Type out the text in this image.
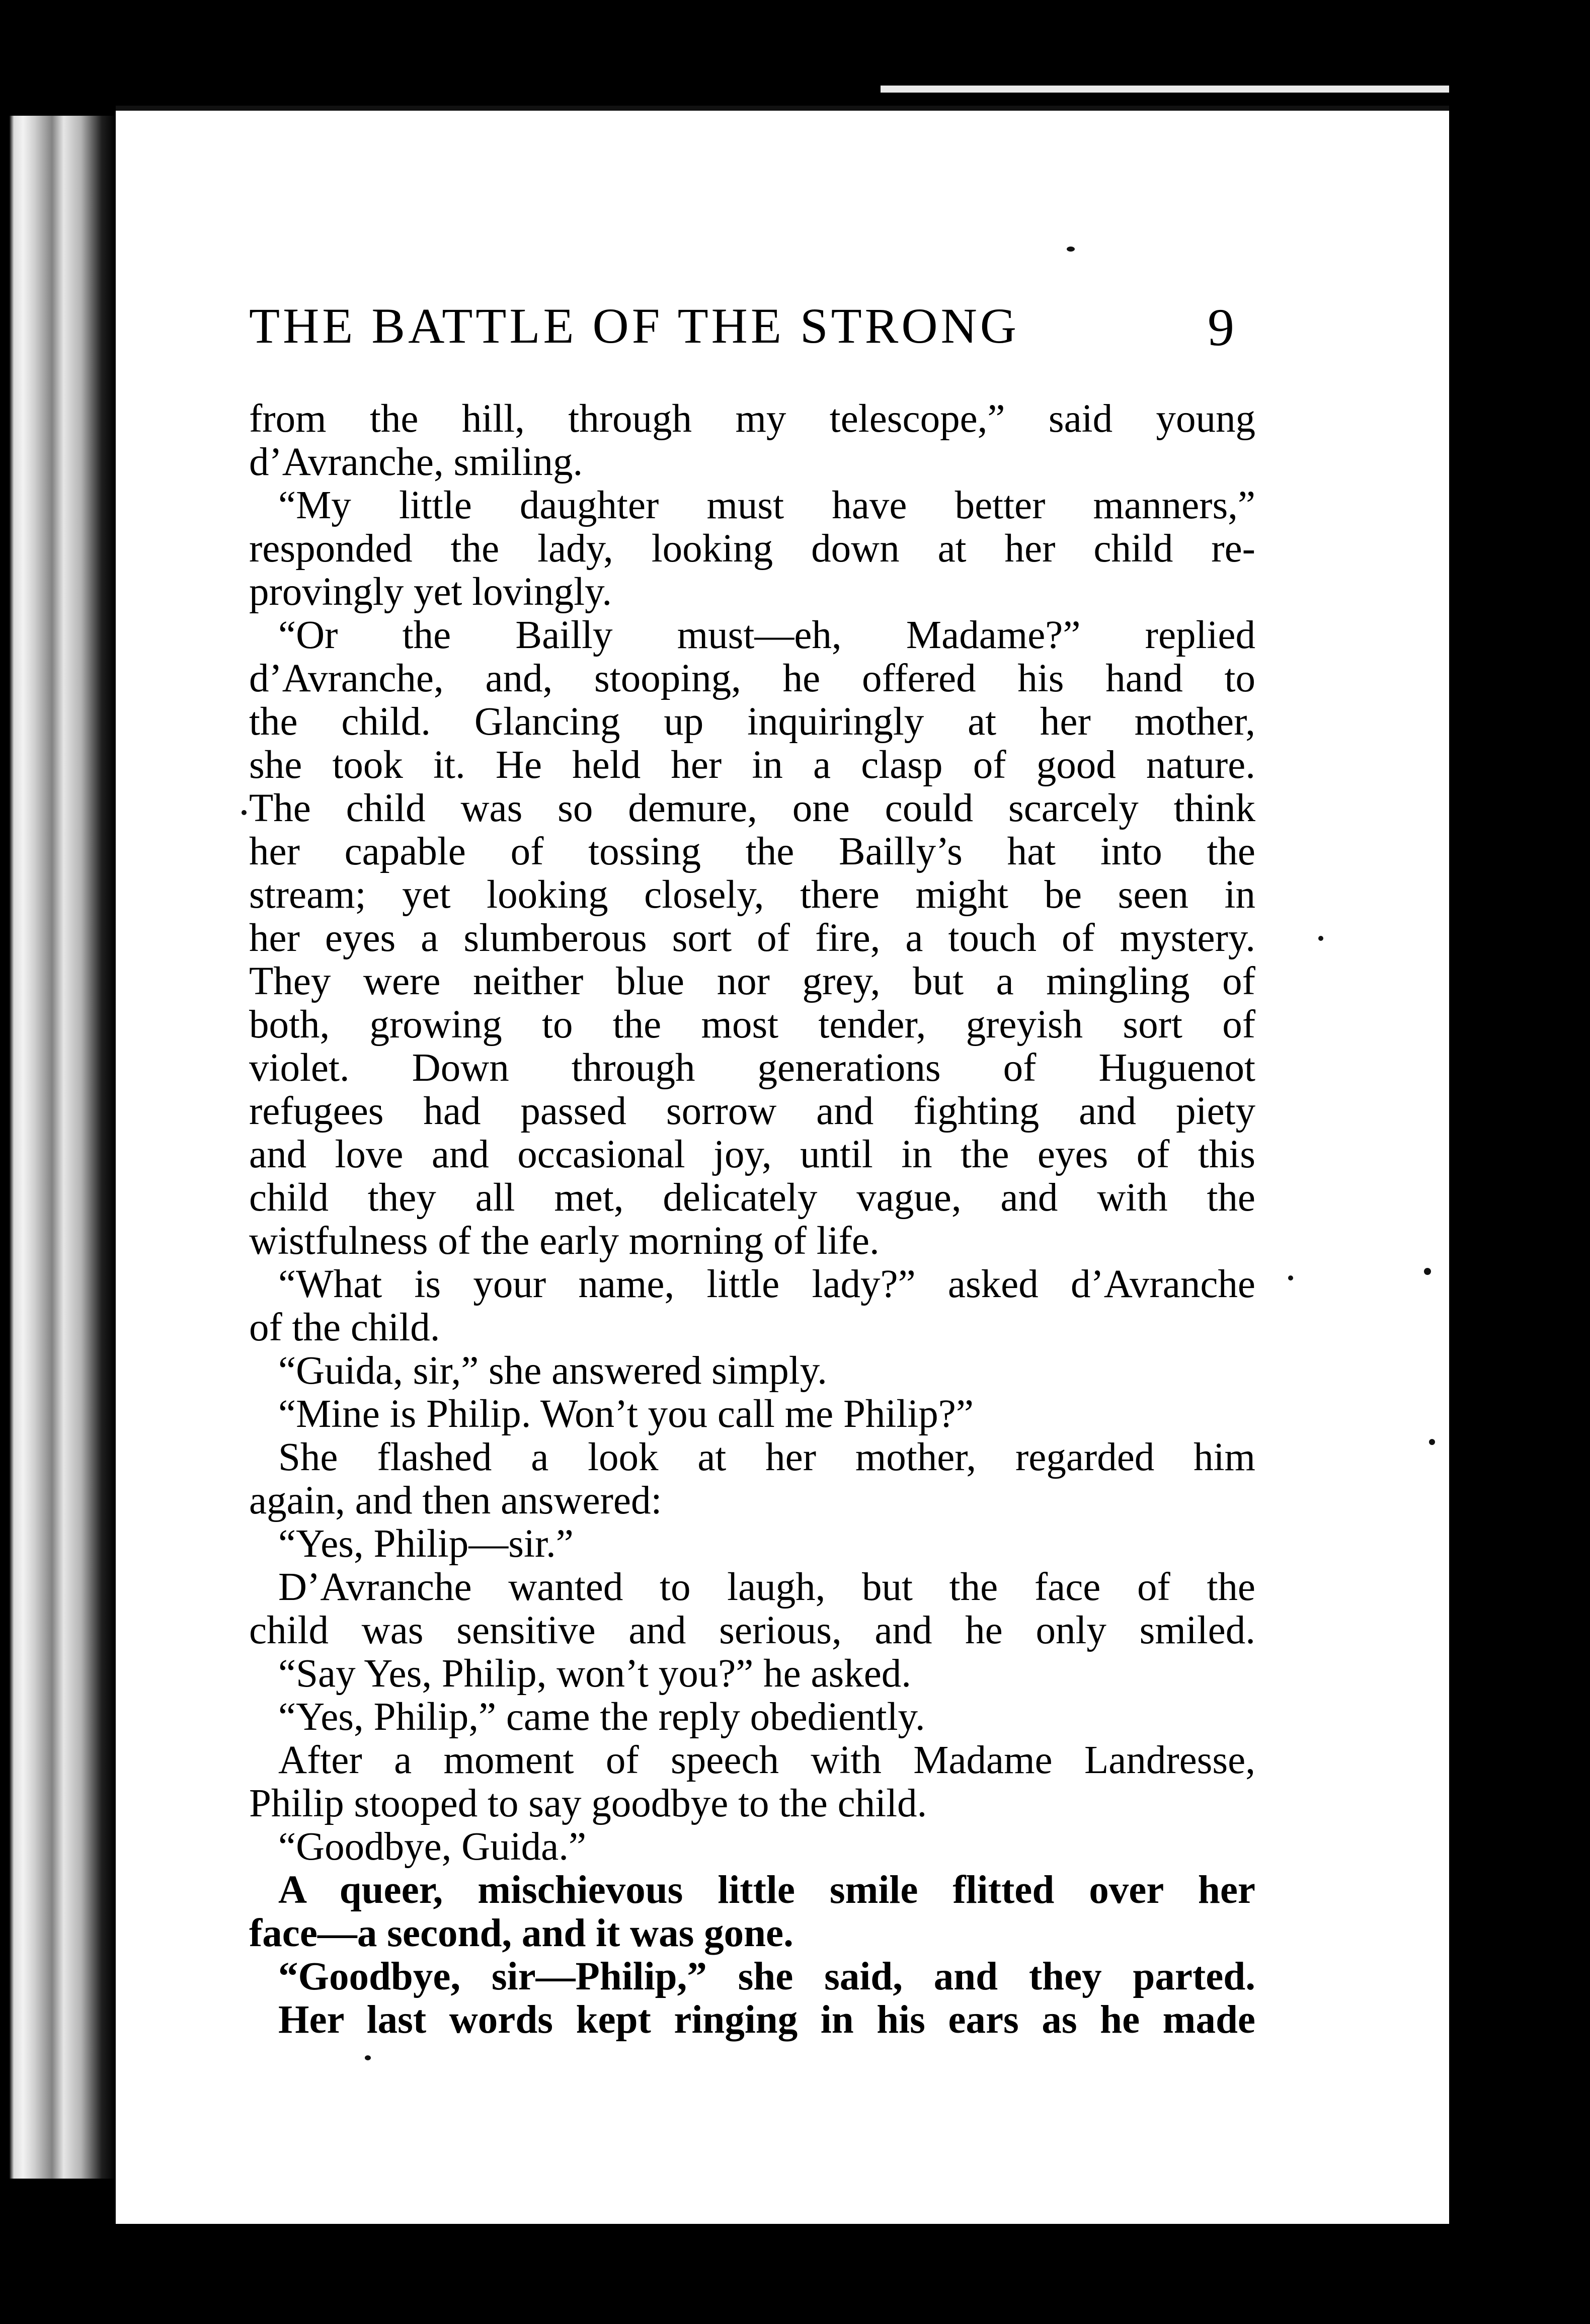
THE BATTLE OF THE STRONG	9
from the hill, through my telescope,” said young
d’Avranche, smiling.
“My little daughter must have better manners,”
responded the lady, looking down at her child re-
provingly yet lovingly.
“Or the Bailly must—eh, Madame?” replied
d’Avranche, and, stooping, he offered his hand to
the child. Glancing up inquiringly at her mother,
she took it. He held her in a clasp of good nature.
The child was so demure, one could scarcely think
her capable of tossing the Bailly’s hat into the
stream; yet looking closely, there might be seen in
her eyes a slumberous sort of fire, a touch of mystery.
They were neither blue nor grey, but a mingling of
both, growing to the most tender, greyish sort of
violet. Down through generations of Huguenot
refugees had passed sorrow and fighting and piety
and love and occasional joy, until in the eyes of this
child they all met, delicately vague, and with the
wistfulness of the early morning of life.
“What is your name, little lady?” asked d’Avranche
of the child.
“Guida, sir,” she answered simply.
“Mine is Philip. Won’t you call me Philip?”
She flashed a look at her mother, regarded him
again, and then answered:
“Yes, Philip—sir.”
D’Avranche wanted to laugh, but the face of the
child was sensitive and serious, and he only smiled.
“Say Yes, Philip, won’t you?” he asked.
“Yes, Philip,” came the reply obediently.
After a moment of speech with Madame Landresse,
Philip stooped to say goodbye to the child.
“Goodbye, Guida.”
A queer, mischievous little smile flitted over her
face—a second, and it was gone.
“Goodbye, sir—Philip,” she said, and they parted.
Her last words kept ringing in his ears as he made
